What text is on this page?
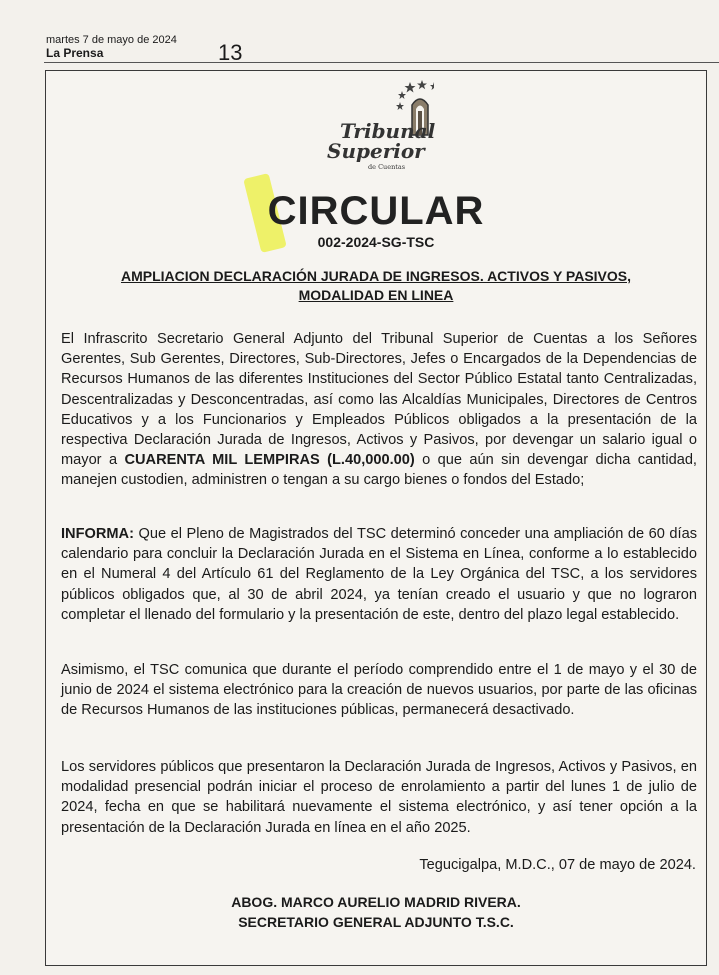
martes 7 de mayo de 2024
La Prensa	13

Tribunal
Superior
de Cuentas
CIRCULAR
002-2024-SG-TSC
AMPLIACION DECLARACIÓN JURADA DE INGRESOS. ACTIVOS Y PASIVOS,
MODALIDAD EN LINEA
El Infrascrito Secretario General Adjunto del Tribunal Superior de Cuentas a los Señores Gerentes, Sub Gerentes, Directores, Sub-Directores, Jefes o Encargados de la Dependencias de Recursos Humanos de las diferentes Instituciones del Sector Público Estatal tanto Centralizadas, Descentralizadas y Desconcentradas, así como las Alcaldías Municipales, Directores de Centros Educativos y a los Funcionarios y Empleados Públicos obligados a la presentación de la respectiva Declaración Jurada de Ingresos, Activos y Pasivos, por devengar un salario igual o mayor a CUARENTA MIL LEMPIRAS (L.40,000.00) o que aún sin devengar dicha cantidad, manejen custodien, administren o tengan a su cargo bienes o fondos del Estado;
INFORMA: Que el Pleno de Magistrados del TSC determinó conceder una ampliación de 60 días calendario para concluir la Declaración Jurada en el Sistema en Línea, conforme a lo establecido en el Numeral 4 del Artículo 61 del Reglamento de la Ley Orgánica del TSC, a los servidores públicos obligados que, al 30 de abril 2024, ya tenían creado el usuario y que no lograron completar el llenado del formulario y la presentación de este, dentro del plazo legal establecido.
Asimismo, el TSC comunica que durante el período comprendido entre el 1 de mayo y el 30 de junio de 2024 el sistema electrónico para la creación de nuevos usuarios, por parte de las oficinas de Recursos Humanos de las instituciones públicas, permanecerá desactivado.
Los servidores públicos que presentaron la Declaración Jurada de Ingresos, Activos y Pasivos, en modalidad presencial podrán iniciar el proceso de enrolamiento a partir del lunes 1 de julio de 2024, fecha en que se habilitará nuevamente el sistema electrónico, y así tener opción a la presentación de la Declaración Jurada en línea en el año 2025.
Tegucigalpa, M.D.C., 07 de mayo de 2024.
ABOG. MARCO AURELIO MADRID RIVERA.
SECRETARIO GENERAL ADJUNTO T.S.C.
